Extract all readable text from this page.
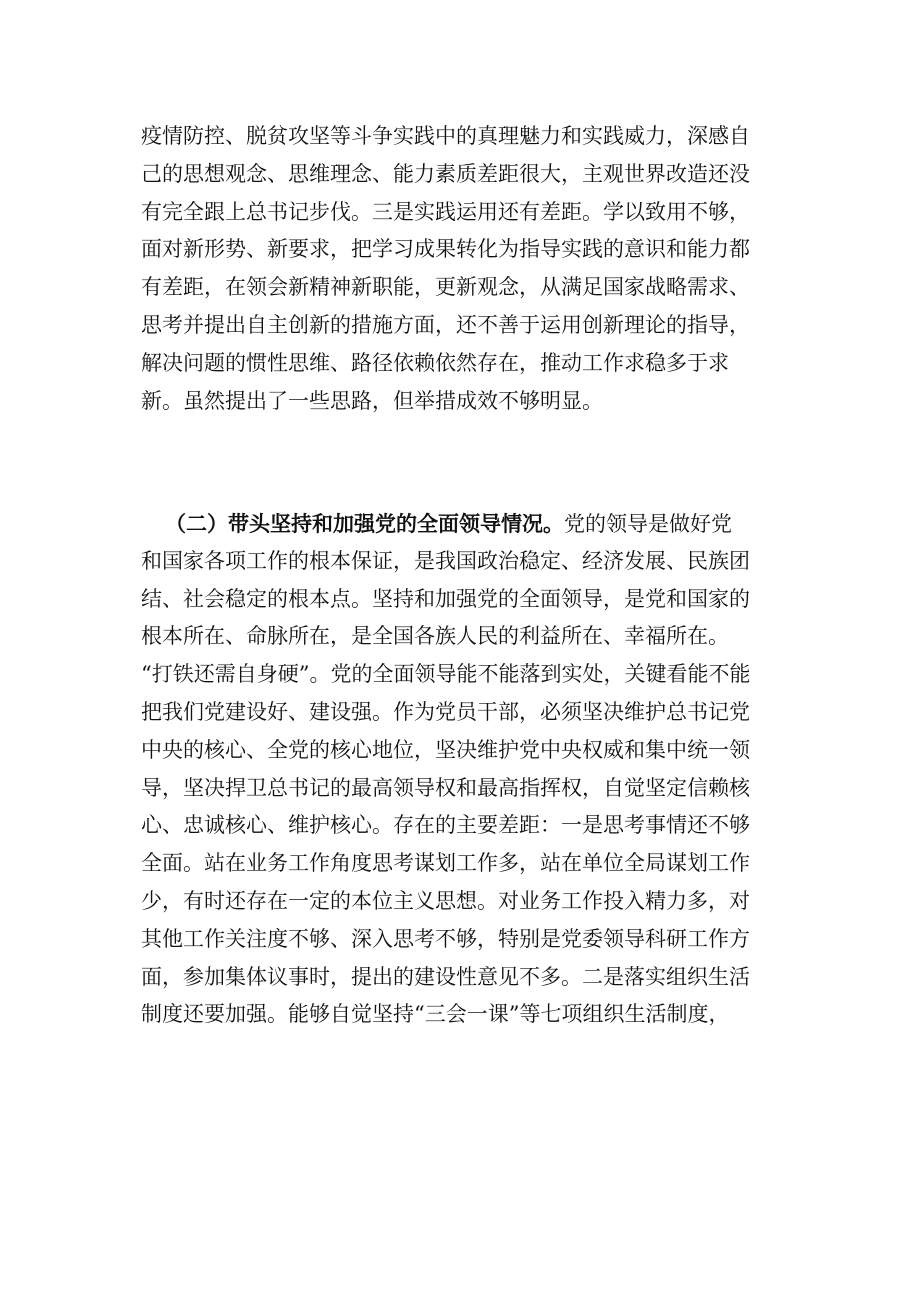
疫情防控、脱贫攻坚等斗争实践中的真理魅力和实践威力，深感自
己的思想观念、思维理念、能力素质差距很大，主观世界改造还没
有完全跟上总书记步伐。三是实践运用还有差距。学以致用不够，
面对新形势、新要求，把学习成果转化为指导实践的意识和能力都
有差距，在领会新精神新职能，更新观念，从满足国家战略需求、
思考并提出自主创新的措施方面，还不善于运用创新理论的指导，
解决问题的惯性思维、路径依赖依然存在，推动工作求稳多于求
新。虽然提出了一些思路，但举措成效不够明显。
（二）带头坚持和加强党的全面领导情况。党的领导是做好党
和国家各项工作的根本保证，是我国政治稳定、经济发展、民族团
结、社会稳定的根本点。坚持和加强党的全面领导，是党和国家的
根本所在、命脉所在，是全国各族人民的利益所在、幸福所在。
“打铁还需自身硬”。党的全面领导能不能落到实处，关键看能不能
把我们党建设好、建设强。作为党员干部，必须坚决维护总书记党
中央的核心、全党的核心地位，坚决维护党中央权威和集中统一领
导，坚决捍卫总书记的最高领导权和最高指挥权，自觉坚定信赖核
心、忠诚核心、维护核心。存在的主要差距：一是思考事情还不够
全面。站在业务工作角度思考谋划工作多，站在单位全局谋划工作
少，有时还存在一定的本位主义思想。对业务工作投入精力多，对
其他工作关注度不够、深入思考不够，特别是党委领导科研工作方
面，参加集体议事时，提出的建设性意见不多。二是落实组织生活
制度还要加强。能够自觉坚持“三会一课”等七项组织生活制度，
